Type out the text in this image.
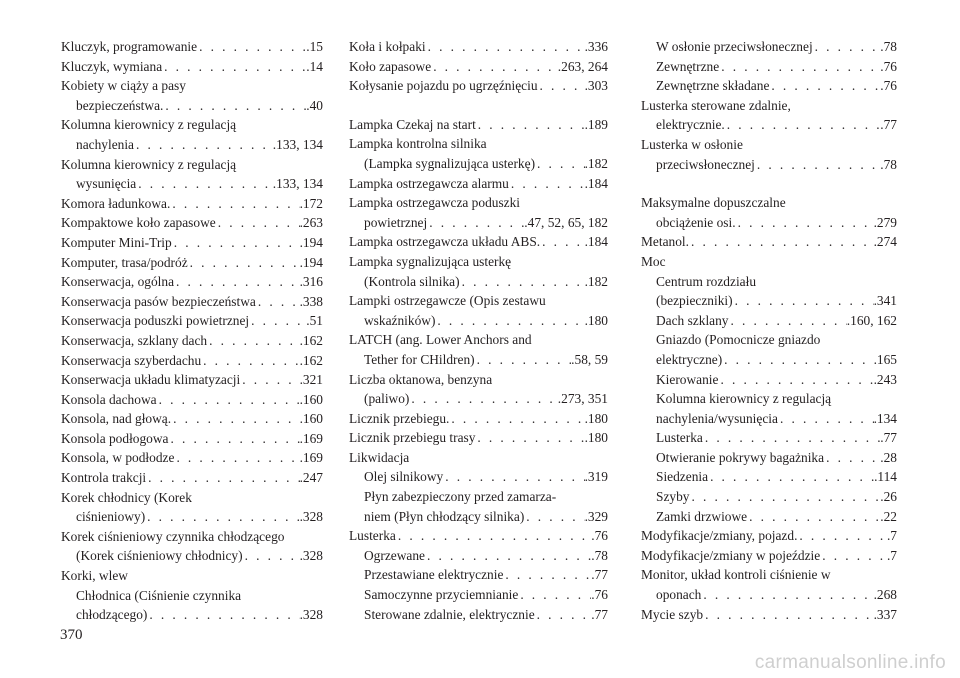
Kluczyk, programowanie . . .	.15
Kluczyk, wymiana . . .	.14
Kobiety w ciąży a pasy
bezpieczeństwa. . . .	.40
Kolumna kierownicy z regulacją
nachylenia . . .	.133, 134
Kolumna kierownicy z regulacją
wysunięcia . . .	.133, 134
Komora ładunkowa. . . .	.172
Kompaktowe koło zapasowe . . .	.263
Komputer Mini-Trip . . .	.194
Komputer, trasa/podróż . . .	.194
Konserwacja, ogólna . . .	.316
Konserwacja pasów bezpieczeństwa . . .	.338
Konserwacja poduszki powietrznej . . .	.51
Konserwacja, szklany dach . . .	.162
Konserwacja szyberdachu . . .	.162
Konserwacja układu klimatyzacji . . .	.321
Konsola dachowa . . .	.160
Konsola, nad głową. . . .	.160
Konsola podłogowa . . .	.169
Konsola, w podłodze . . .	.169
Kontrola trakcji . . .	.247
Korek chłodnicy (Korek
ciśnieniowy) . . .	.328
Korek ciśnieniowy czynnika chłodzącego
(Korek ciśnieniowy chłodnicy) . . .	.328
Korki, wlew
Chłodnica (Ciśnienie czynnika
chłodzącego) . . .	.328
Koła i kołpaki . . .	.336
Koło zapasowe . . .	.263, 264
Kołysanie pojazdu po ugrzęźnięciu . . .	.303
Lampka Czekaj na start . . .	.189
Lampka kontrolna silnika
(Lampka sygnalizująca usterkę) . . .	.182
Lampka ostrzegawcza alarmu . . .	.184
Lampka ostrzegawcza poduszki
powietrznej . . .	.47, 52, 65, 182
Lampka ostrzegawcza układu ABS. . . .	.184
Lampka sygnalizująca usterkę
(Kontrola silnika) . . .	.182
Lampki ostrzegawcze (Opis zestawu
wskaźników) . . .	.180
LATCH (ang. Lower Anchors and
Tether for CHildren) . . .	.58, 59
Liczba oktanowa, benzyna
(paliwo) . . .	.273, 351
Licznik przebiegu. . . .	.180
Licznik przebiegu trasy . . .	.180
Likwidacja
Olej silnikowy . . .	.319
Płyn zabezpieczony przed zamarza-
niem (Płyn chłodzący silnika) . . .	.329
Lusterka . . .	.76
Ogrzewane . . .	.78
Przestawiane elektrycznie . . .	.77
Samoczynne przyciemnianie . . .	.76
Sterowane zdalnie, elektrycznie . . .	.77
W osłonie przeciwsłonecznej . . .	.78
Zewnętrzne . . .	.76
Zewnętrzne składane . . .	.76
Lusterka sterowane zdalnie,
elektrycznie. . . .	.77
Lusterka w osłonie
przeciwsłonecznej . . .	.78
Maksymalne dopuszczalne
obciążenie osi. . . .	.279
Metanol. . . .	.274
Moc
Centrum rozdziału
(bezpieczniki) . . .	.341
Dach szklany . . .	.160, 162
Gniazdo (Pomocnicze gniazdo
elektryczne) . . .	.165
Kierowanie . . .	.243
Kolumna kierownicy z regulacją
nachylenia/wysunięcia . . .	.134
Lusterka . . .	.77
Otwieranie pokrywy bagażnika . . .	.28
Siedzenia . . .	.114
Szyby . . .	.26
Zamki drzwiowe . . .	.22
Modyfikacje/zmiany, pojazd. . . .	.7
Modyfikacje/zmiany w pojeździe . . .	.7
Monitor, układ kontroli ciśnienie w
oponach . . .	.268
Mycie szyb . . .	.337
370
carmanualsonline.info
